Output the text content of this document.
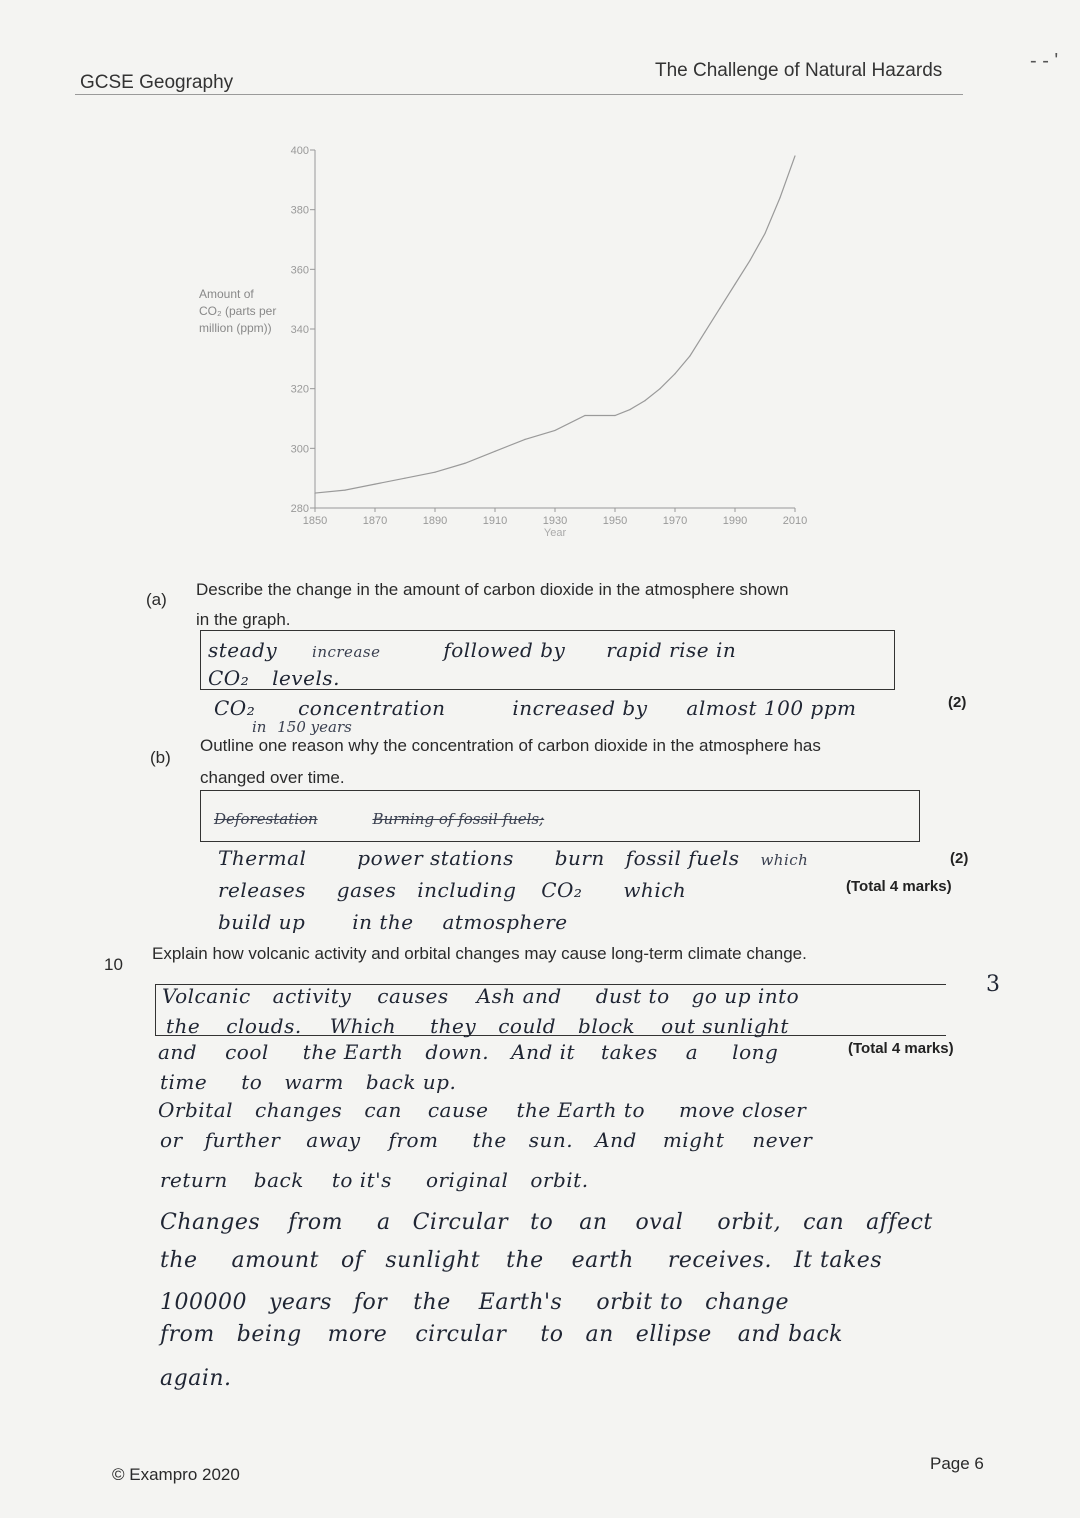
GCSE Geography
The Challenge of Natural Hazards	- - '
Amount of
CO₂ (parts per
million (ppm))
280
300
320
340
360
380
400
1850	1870	1890	1910	1930	1950	1970	1990	2010
Year
(a)
Describe the change in the amount of carbon dioxide in the atmosphere shown
in the graph.
steady increase	followed by rapid rise in
CO₂ levels.
CO₂ concentration	increased by almost 100 ppm	(2)
in 150 years
(b)
Outline one reason why the concentration of carbon dioxide in the atmosphere has
changed over time.
Deforestation	Burning of fossil fuels;
Thermal	power stations burn fossil fuels which	(2)
releases gases including CO₂ which	(Total 4 marks)
build up in the atmosphere
10
Explain how volcanic activity and orbital changes may cause long-term climate change.
(Total 4 marks)
3
Volcanic activity causes Ash and dust to go up into
the clouds. Which they could block out sunlight
and cool the Earth down. And it takes a long
time to warm back up.
Orbital changes can cause the Earth to move closer
or further away from the sun. And might never
return back to it's original orbit.
Changes from a Circular to an oval orbit, can affect
the amount of sunlight the earth receives. It takes
100000 years for the Earth's orbit to change
from being more circular to an ellipse and back
again.
© Exampro 2020
Page 6
